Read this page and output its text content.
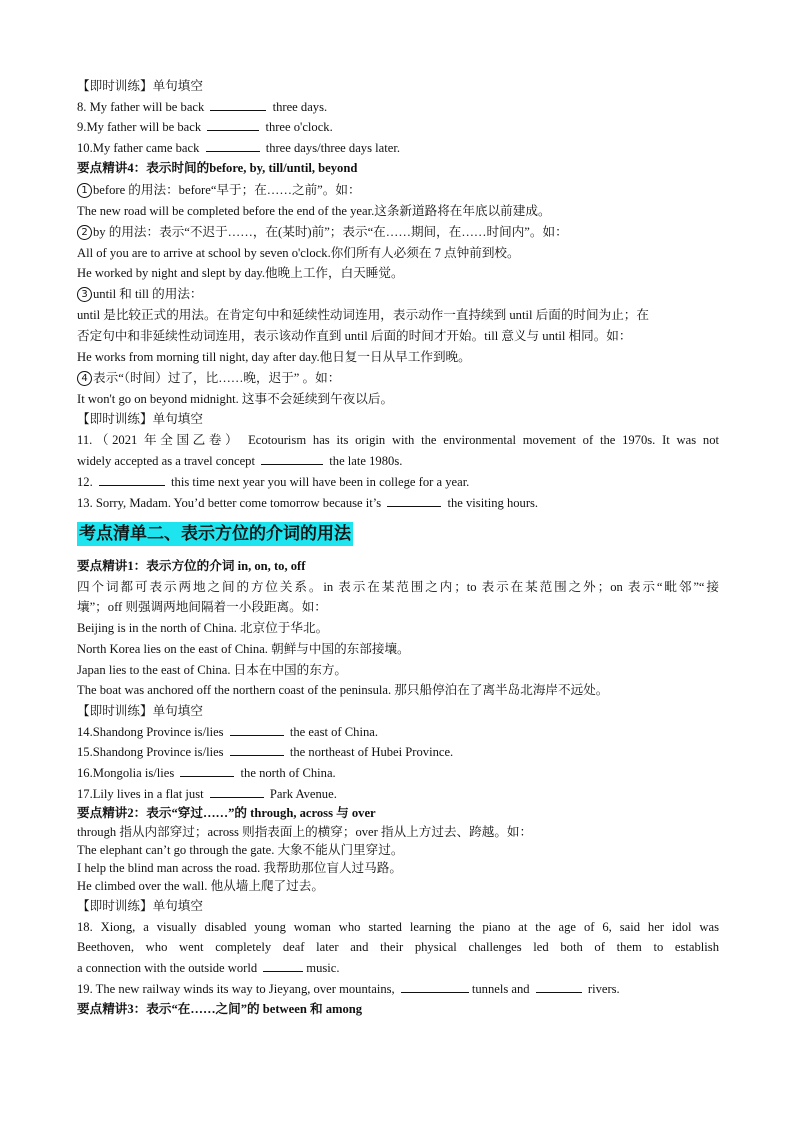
【即时训练】单句填空
8. My father will be back	three days.
9.My father will be back	three o'clock.
10.My father came back	three days/three days later.
要点精讲4：表示时间的before, by, till/until, beyond
1 before 的用法：before“早于；在……之前”。如：
The new road will be completed before the end of the year.这条新道路将在年底以前建成。
2 by 的用法：表示“不迟于……，在(某时)前”；表示“在……期间，在……时间内”。如：
All of you are to arrive at school by seven o'clock.你们所有人必须在 7 点钟前到校。
He worked by night and slept by day.他晚上工作，白天睡觉。
3 until 和 till 的用法：
until 是比较正式的用法。在肯定句中和延续性动词连用，表示动作一直持续到 until 后面的时间为止；在
否定句中和非延续性动词连用，表示该动作直到 until 后面的时间才开始。till 意义与 until 相同。如：
He works from morning till night, day after day.他日复一日从早工作到晚。
4 表示“（时间）过了，比……晚，迟于” 。如：
It won't go on beyond midnight. 这事不会延续到午夜以后。
【即时训练】单句填空
11.（2021 年全国乙卷） Ecotourism has its origin with the environmental movement of the 1970s. It was not
widely accepted as a travel concept	the late 1980s.
12.	this time next year you will have been in college for a year.
13. Sorry, Madam. You’d better come tomorrow because it’s	the visiting hours.
考点清单二、表示方位的介词的用法
要点精讲1：表示方位的介词 in, on, to, off
四个词都可表示两地之间的方位关系。in 表示在某范围之内；to 表示在某范围之外；on 表示“毗邻”“接
壤”；off 则强调两地间隔着一小段距离。如：
Beijing is in the north of China. 北京位于华北。
North Korea lies on the east of China. 朝鲜与中国的东部接壤。
Japan lies to the east of China. 日本在中国的东方。
The boat was anchored off the northern coast of the peninsula. 那只船停泊在了离半岛北海岸不远处。
【即时训练】单句填空
14.Shandong Province is/lies	the east of China.
15.Shandong Province is/lies	the northeast of Hubei Province.
16.Mongolia is/lies	the north of China.
17.Lily lives in a flat just	Park Avenue.
要点精讲2：表示“穿过……”的 through, across 与 over
through 指从内部穿过；across 则指表面上的横穿；over 指从上方过去、跨越。如：
The elephant can’t go through the gate. 大象不能从门里穿过。
I help the blind man across the road. 我帮助那位盲人过马路。
He climbed over the wall. 他从墙上爬了过去。
【即时训练】单句填空
18. Xiong, a visually disabled young woman who started learning the piano at the age of 6, said her idol was
Beethoven, who went completely deaf later and their physical challenges led both of them to establish
a connection with the outside world	music.
19. The new railway winds its way to Jieyang, over mountains,	tunnels and	rivers.
要点精讲3：表示“在……之间”的 between 和 among
